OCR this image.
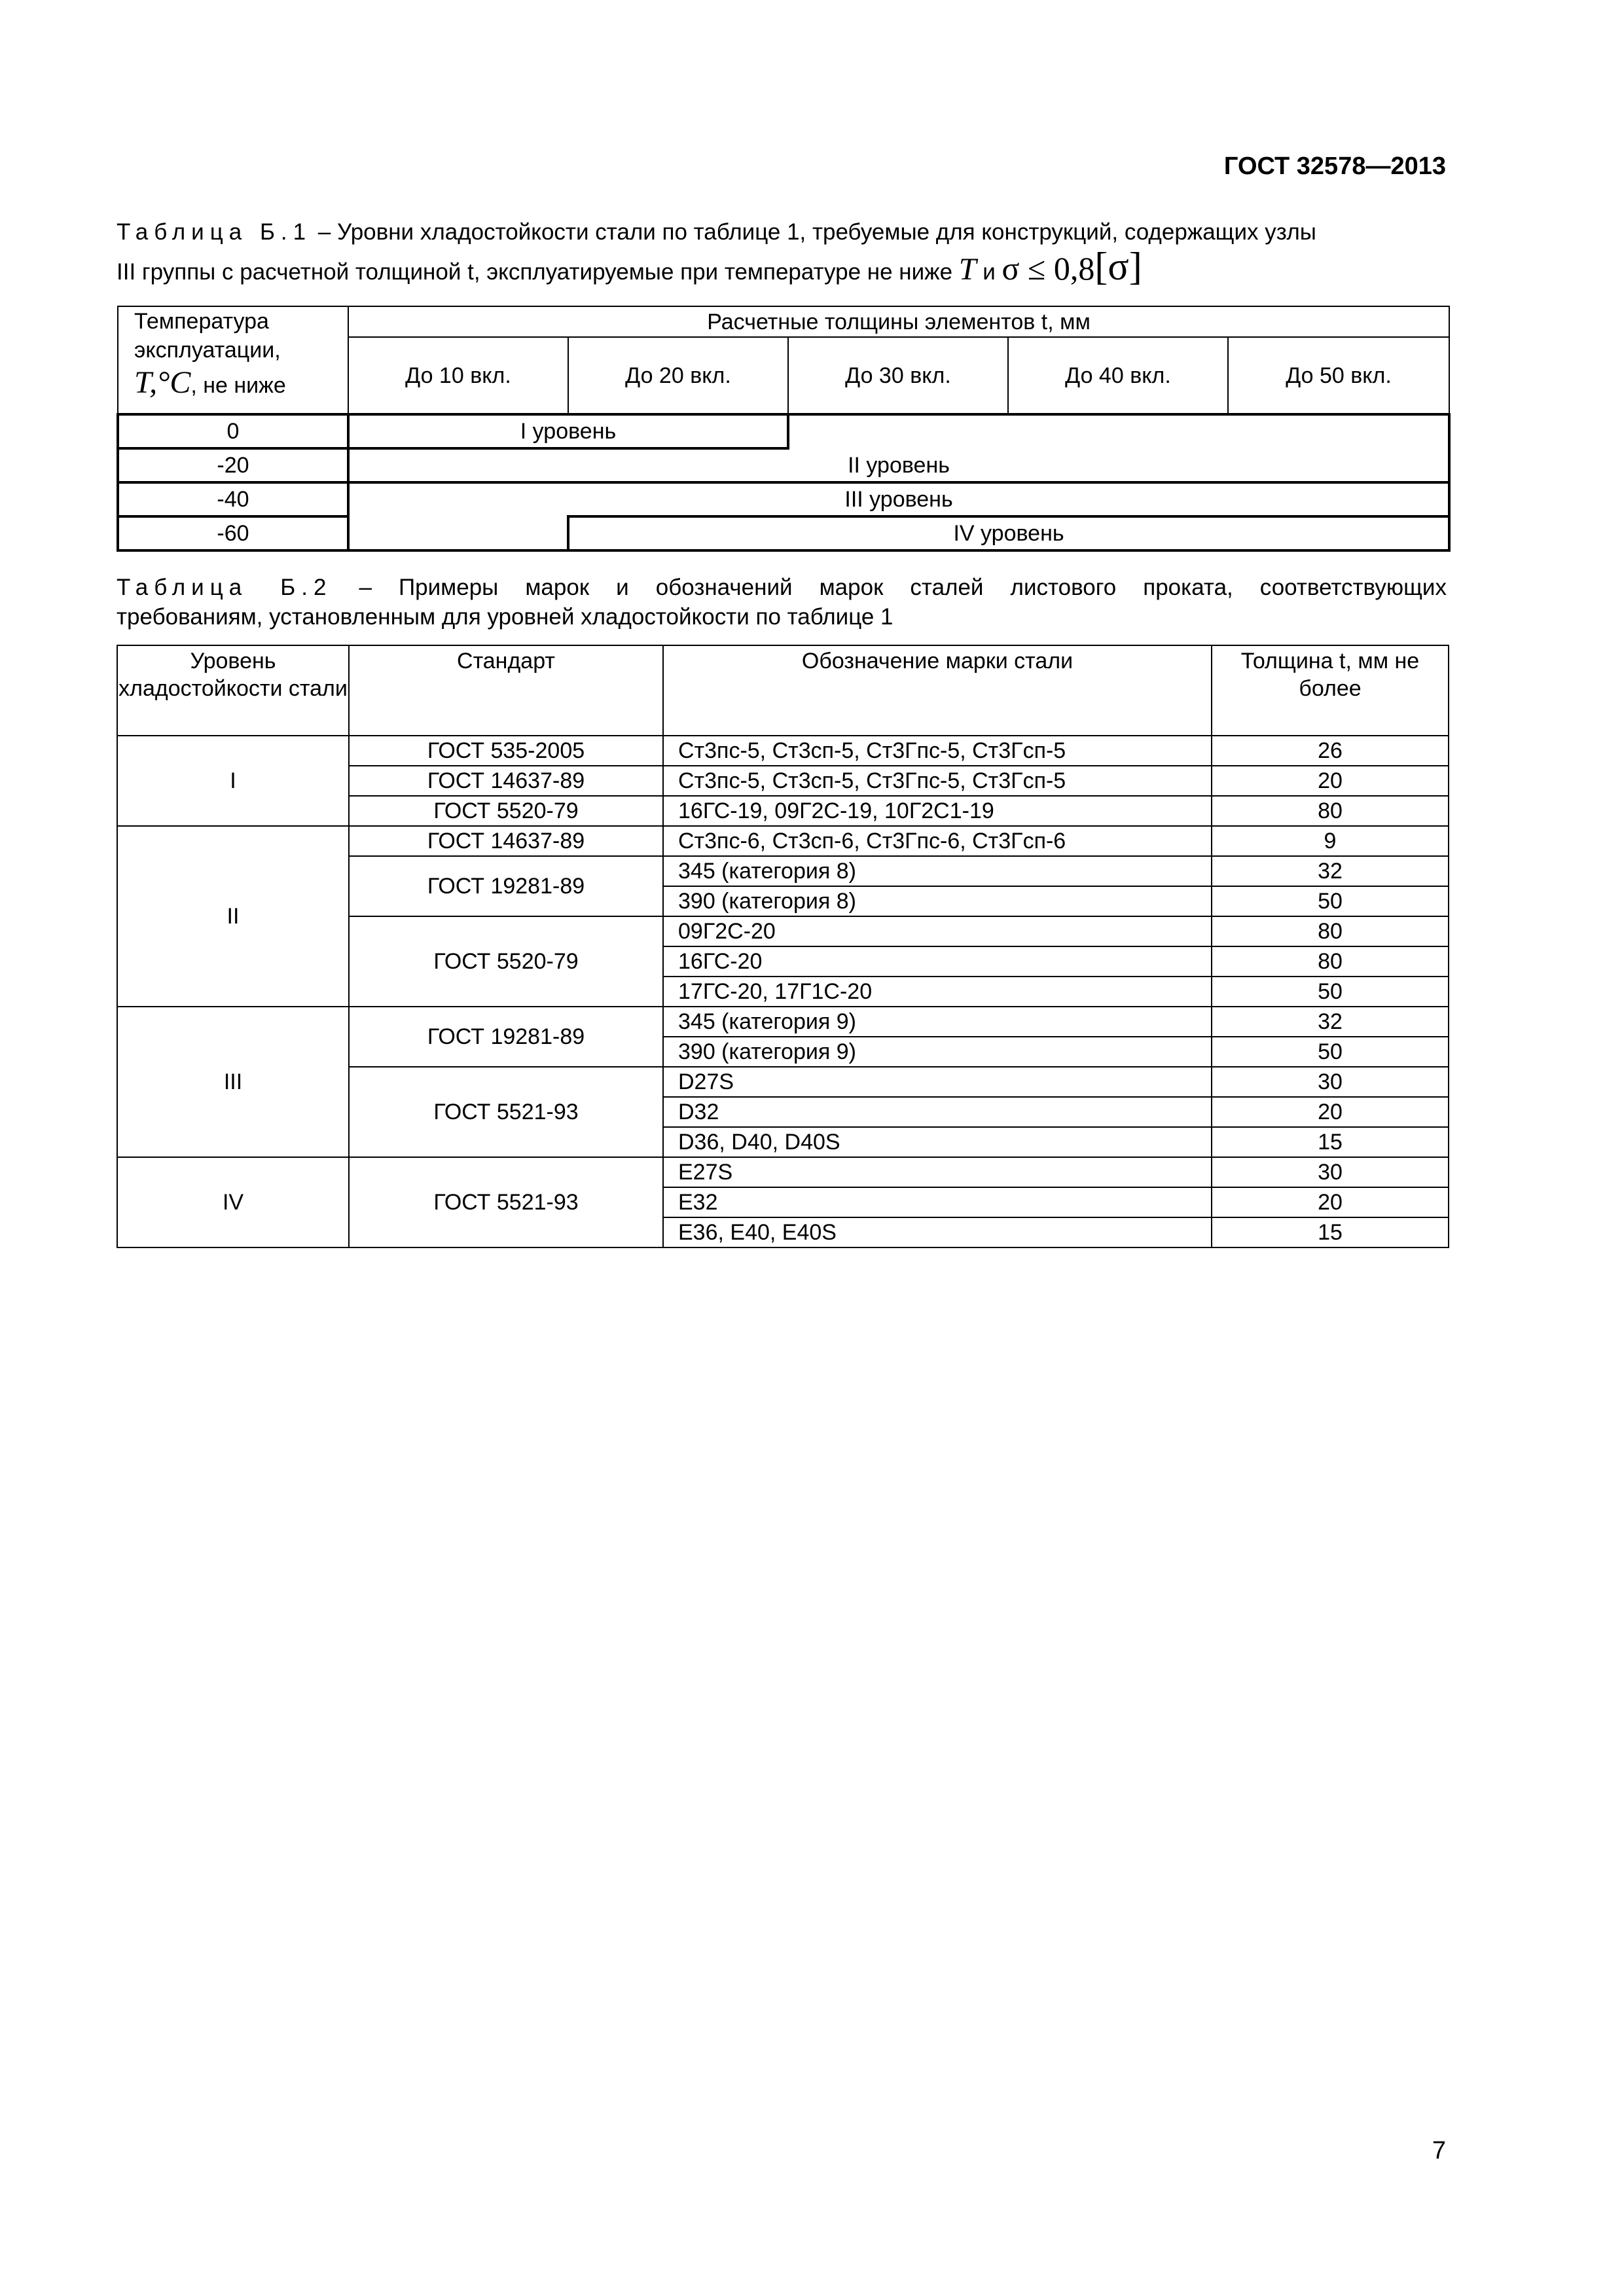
ГОСТ 32578—2013
Таблица Б.1 – Уровни хладостойкости стали по таблице 1, требуемые для конструкций, содержащих узлы
III группы с расчетной толщиной t, эксплуатируемые при температуре не ниже T и σ ≤ 0,8[σ]
Температура эксплуатации,
T,°C, не ниже	Расчетные толщины элементов t, мм				
	До 10 вкл.	До 20 вкл.	До 30 вкл.	До 40 вкл.	До 50 вкл.
0	I уровень				
-20	II уровень				
-40	III уровень				
-60		IV уровень			
Таблица Б.2 – Примеры марок и обозначений марок сталей листового проката, соответствующих
требованиям, установленным для уровней хладостойкости по таблице 1
Уровень хладостойкости стали	Стандарт	Обозначение марки стали	Толщина t, мм не более
I	ГОСТ 535-2005	Ст3пс-5, Ст3сп-5, Ст3Гпс-5, Ст3Гсп-5	26
	ГОСТ 14637-89	Ст3пс-5, Ст3сп-5, Ст3Гпс-5, Ст3Гсп-5	20
	ГОСТ 5520-79	16ГС-19, 09Г2С-19, 10Г2С1-19	80
II	ГОСТ 14637-89	Ст3пс-6, Ст3сп-6, Ст3Гпс-6, Ст3Гсп-6	9
	ГОСТ 19281-89	345 (категория 8)	32
		390 (категория 8)	50
	ГОСТ 5520-79	09Г2С-20	80
		16ГС-20	80
		17ГС-20, 17Г1С-20	50
III	ГОСТ 19281-89	345 (категория 9)	32
		390 (категория 9)	50
	ГОСТ 5521-93	D27S	30
		D32	20
		D36, D40, D40S	15
IV	ГОСТ 5521-93	E27S	30
		E32	20
		E36, E40, E40S	15
7
